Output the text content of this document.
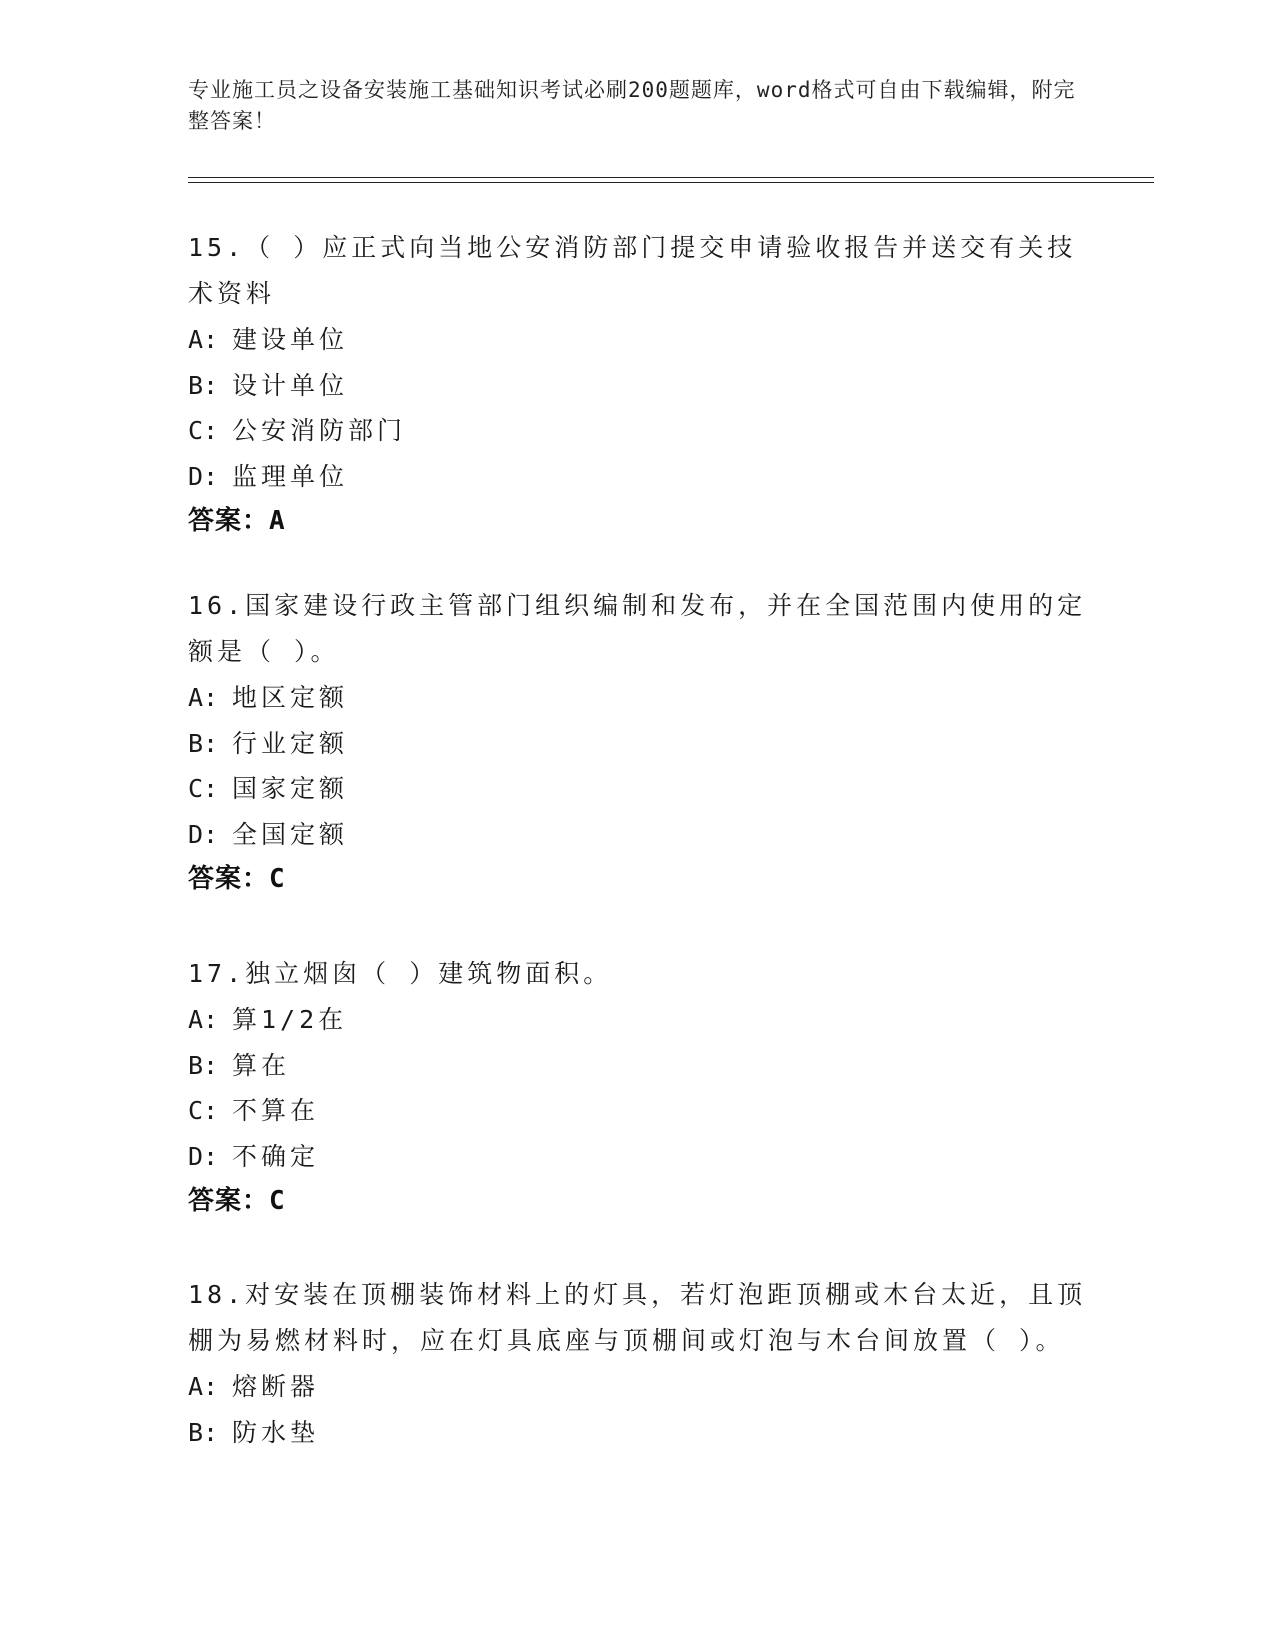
专业施工员之设备安装施工基础知识考试必刷200题题库，word格式可自由下载编辑，附完整答案！
15.（ ）应正式向当地公安消防部门提交申请验收报告并送交有关技术资料
A: 建设单位
B: 设计单位
C: 公安消防部门
D: 监理单位
答案：A
16.国家建设行政主管部门组织编制和发布，并在全国范围内使用的定额是（ ）。
A: 地区定额
B: 行业定额
C: 国家定额
D: 全国定额
答案：C
17.独立烟囱（ ）建筑物面积。
A: 算1/2在
B: 算在
C: 不算在
D: 不确定
答案：C
18.对安装在顶棚装饰材料上的灯具，若灯泡距顶棚或木台太近，且顶棚为易燃材料时，应在灯具底座与顶棚间或灯泡与木台间放置（ ）。
A: 熔断器
B: 防水垫
